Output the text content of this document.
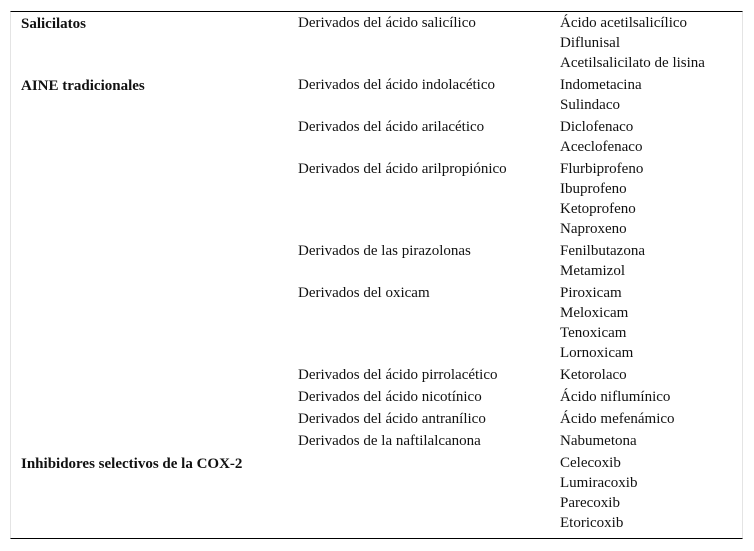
Salicilatos
AINE tradicionales
Inhibidores selectivos de la COX-2
Derivados del ácido salicílico
Derivados del ácido indolacético
Derivados del ácido arilacético
Derivados del ácido arilpropiónico
Derivados de las pirazolonas
Derivados del oxicam
Derivados del ácido pirrolacético
Derivados del ácido nicotínico
Derivados del ácido antranílico
Derivados de la naftilalcanona
Ácido acetilsalicílico
Diflunisal
Acetilsalicilato de lisina
Indometacina
Sulindaco
Diclofenaco
Aceclofenaco
Flurbiprofeno
Ibuprofeno
Ketoprofeno
Naproxeno
Fenilbutazona
Metamizol
Piroxicam
Meloxicam
Tenoxicam
Lornoxicam
Ketorolaco
Ácido niflumínico
Ácido mefenámico
Nabumetona
Celecoxib
Lumiracoxib
Parecoxib
Etoricoxib
